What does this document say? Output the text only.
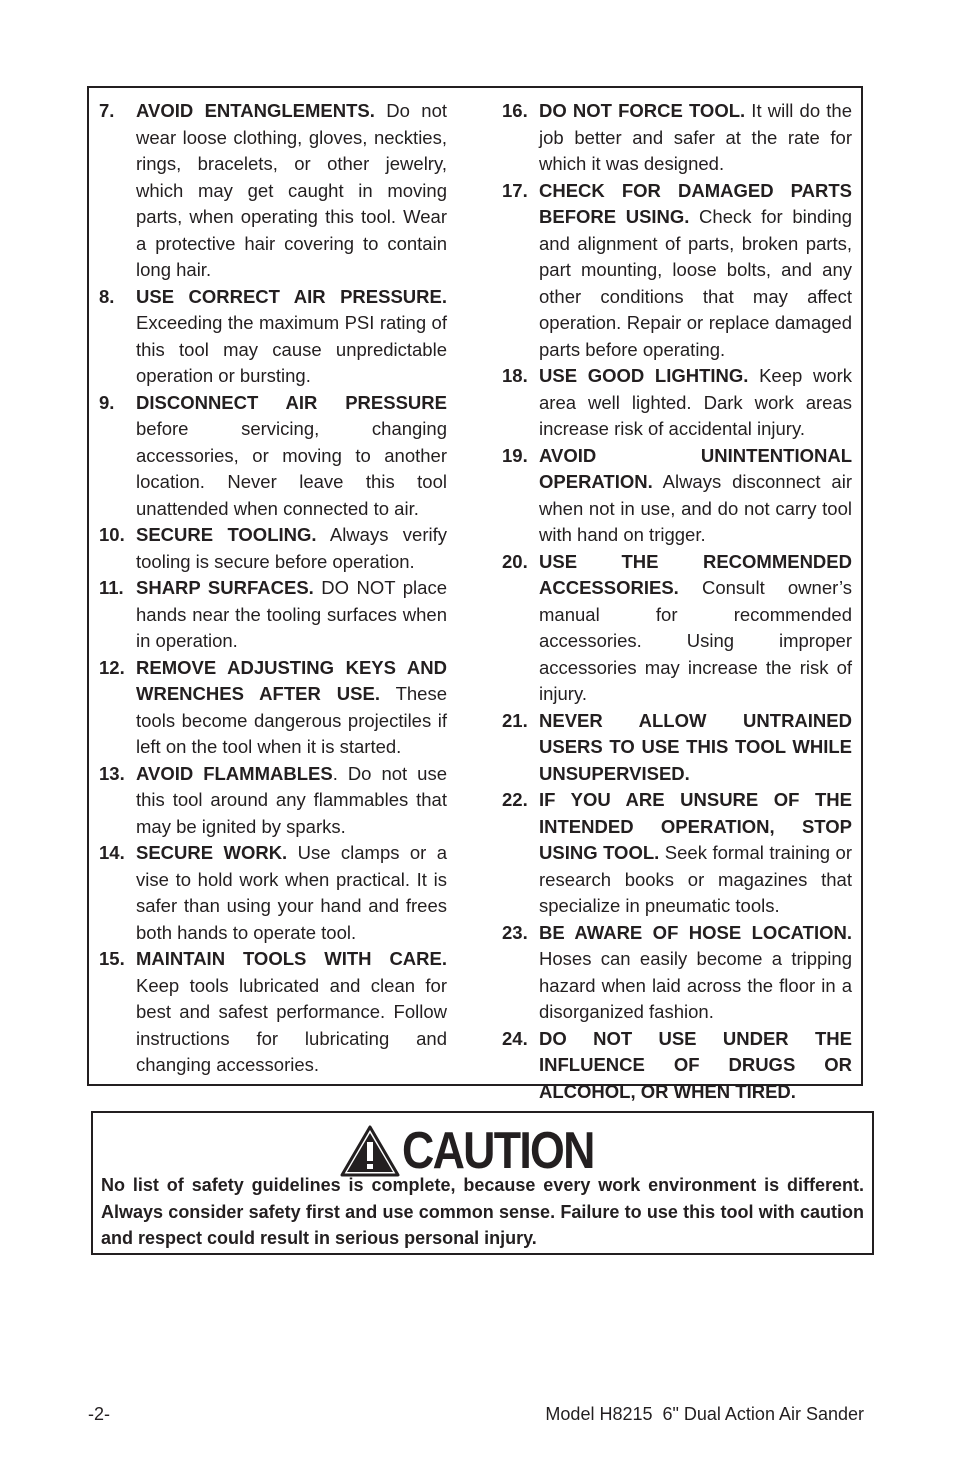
7.	AVOID ENTANGLEMENTS. Do not wear loose clothing, gloves, neckties, rings, bracelets, or other jewelry, which may get caught in moving parts, when operating this tool. Wear a protective hair covering to contain long hair.
8.	USE CORRECT AIR PRESSURE. Exceeding the maximum PSI rating of this tool may cause unpredictable operation or bursting.
9.	DISCONNECT AIR PRESSURE before servicing, changing accessories, or moving to another location. Never leave this tool unattended when connected to air.
10. SECURE TOOLING. Always verify tooling is secure before operation.
11. SHARP SURFACES. DO NOT place hands near the tooling surfaces when in operation.
12. REMOVE ADJUSTING KEYS AND WRENCHES AFTER USE. These tools become dangerous projectiles if left on the tool when it is started.
13. AVOID FLAMMABLES. Do not use this tool around any flammables that may be ignited by sparks.
14. SECURE WORK. Use clamps or a vise to hold work when practical. It is safer than using your hand and frees both hands to operate tool.
15. MAINTAIN TOOLS WITH CARE. Keep tools lubricated and clean for best and safest performance. Follow instructions for lubricating and changing accessories.
16. DO NOT FORCE TOOL. It will do the job better and safer at the rate for which it was designed.
17. CHECK FOR DAMAGED PARTS BEFORE USING. Check for binding and alignment of parts, broken parts, part mounting, loose bolts, and any other conditions that may affect operation. Repair or replace damaged parts before operating.
18. USE GOOD LIGHTING. Keep work area well lighted. Dark work areas increase risk of accidental injury.
19. AVOID UNINTENTIONAL OPERATION. Always disconnect air when not in use, and do not carry tool with hand on trigger.
20. USE THE RECOMMENDED ACCESSORIES. Consult owner’s manual for recommended accessories. Using improper accessories may increase the risk of injury.
21. NEVER ALLOW UNTRAINED USERS TO USE THIS TOOL WHILE UNSUPERVISED.
22. IF YOU ARE UNSURE OF THE INTENDED OPERATION, STOP USING TOOL. Seek formal training or research books or magazines that specialize in pneumatic tools.
23. BE AWARE OF HOSE LOCATION. Hoses can easily become a tripping hazard when laid across the floor in a disorganized fashion.
24. DO NOT USE UNDER THE INFLUENCE OF DRUGS OR ALCOHOL, OR WHEN TIRED.
CAUTION
No list of safety guidelines is complete, because every work environment is different. Always consider safety first and use common sense. Failure to use this tool with caution and respect could result in serious personal injury.
-2-	Model H8215  6" Dual Action Air Sander
